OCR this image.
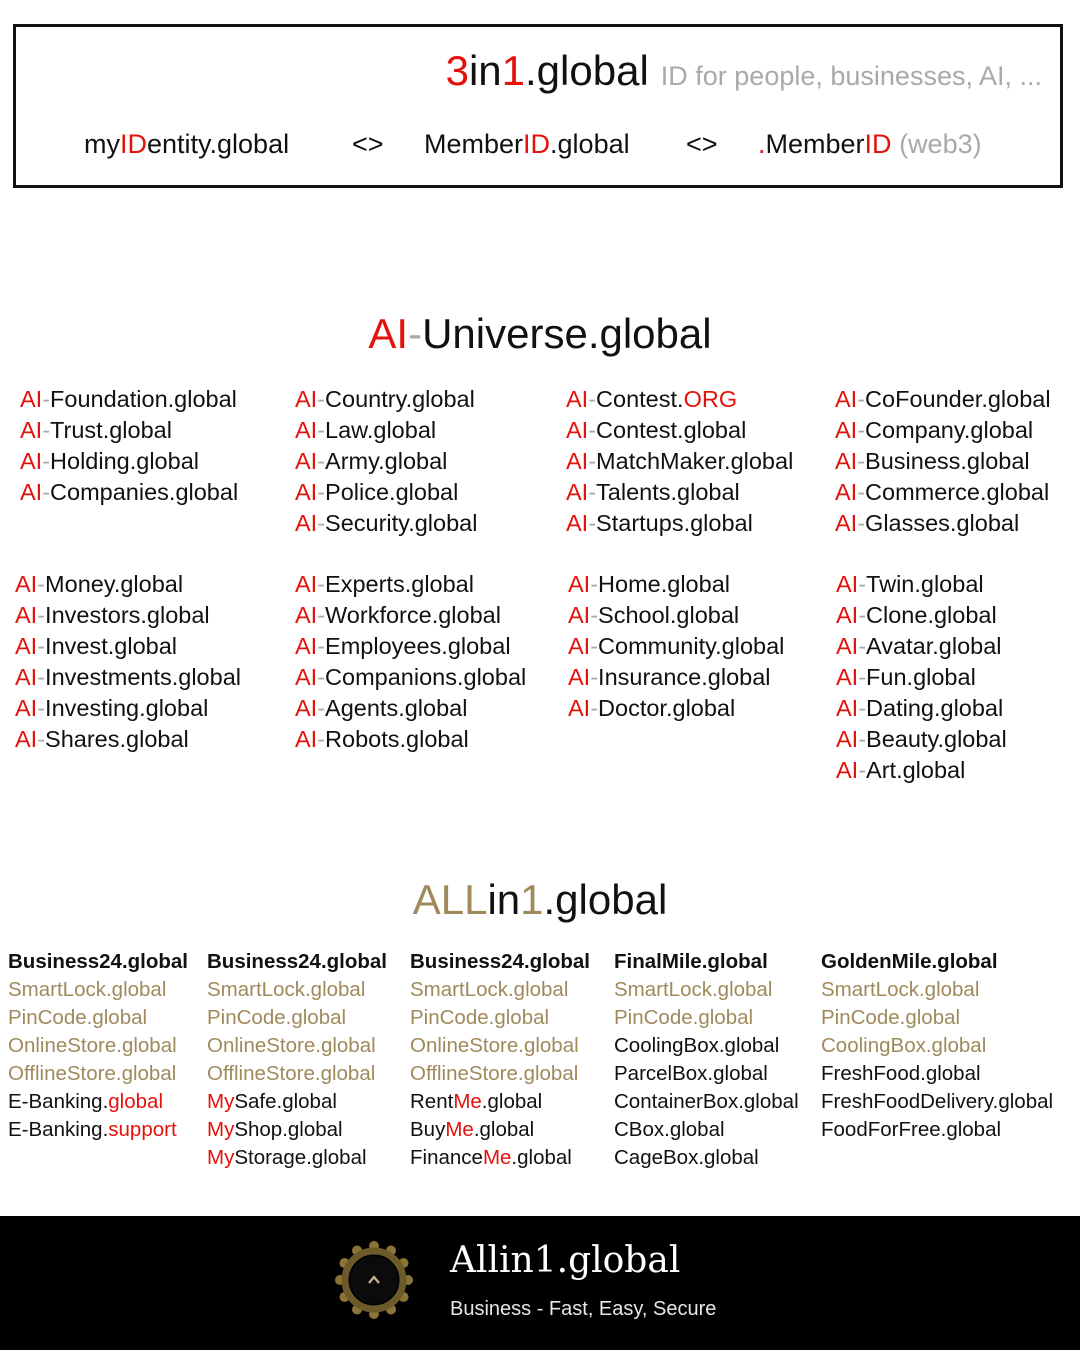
3in1.global ID for people, businesses, AI, ...
myIDentity.global <> MemberID.global <> .MemberID (web3)
AI-Universe.global
AI-Foundation.global
AI-Trust.global
AI-Holding.global
AI-Companies.global
AI-Country.global
AI-Law.global
AI-Army.global
AI-Police.global
AI-Security.global
AI-Contest.ORG
AI-Contest.global
AI-MatchMaker.global
AI-Talents.global
AI-Startups.global
AI-CoFounder.global
AI-Company.global
AI-Business.global
AI-Commerce.global
AI-Glasses.global
AI-Money.global
AI-Investors.global
AI-Invest.global
AI-Investments.global
AI-Investing.global
AI-Shares.global
AI-Experts.global
AI-Workforce.global
AI-Employees.global
AI-Companions.global
AI-Agents.global
AI-Robots.global
AI-Home.global
AI-School.global
AI-Community.global
AI-Insurance.global
AI-Doctor.global
AI-Twin.global
AI-Clone.global
AI-Avatar.global
AI-Fun.global
AI-Dating.global
AI-Beauty.global
AI-Art.global
ALLin1.global
Business24.global
SmartLock.global
PinCode.global
OnlineStore.global
OfflineStore.global
E-Banking.global
E-Banking.support
Business24.global
SmartLock.global
PinCode.global
OnlineStore.global
OfflineStore.global
MySafe.global
MyShop.global
MyStorage.global
Business24.global
SmartLock.global
PinCode.global
OnlineStore.global
OfflineStore.global
RentMe.global
BuyMe.global
FinanceMe.global
FinalMile.global
SmartLock.global
PinCode.global
CoolingBox.global
ParcelBox.global
ContainerBox.global
CBox.global
CageBox.global
GoldenMile.global
SmartLock.global
PinCode.global
CoolingBox.global
FreshFood.global
FreshFoodDelivery.global
FoodForFree.global
Allin1.global
Business - Fast, Easy, Secure
